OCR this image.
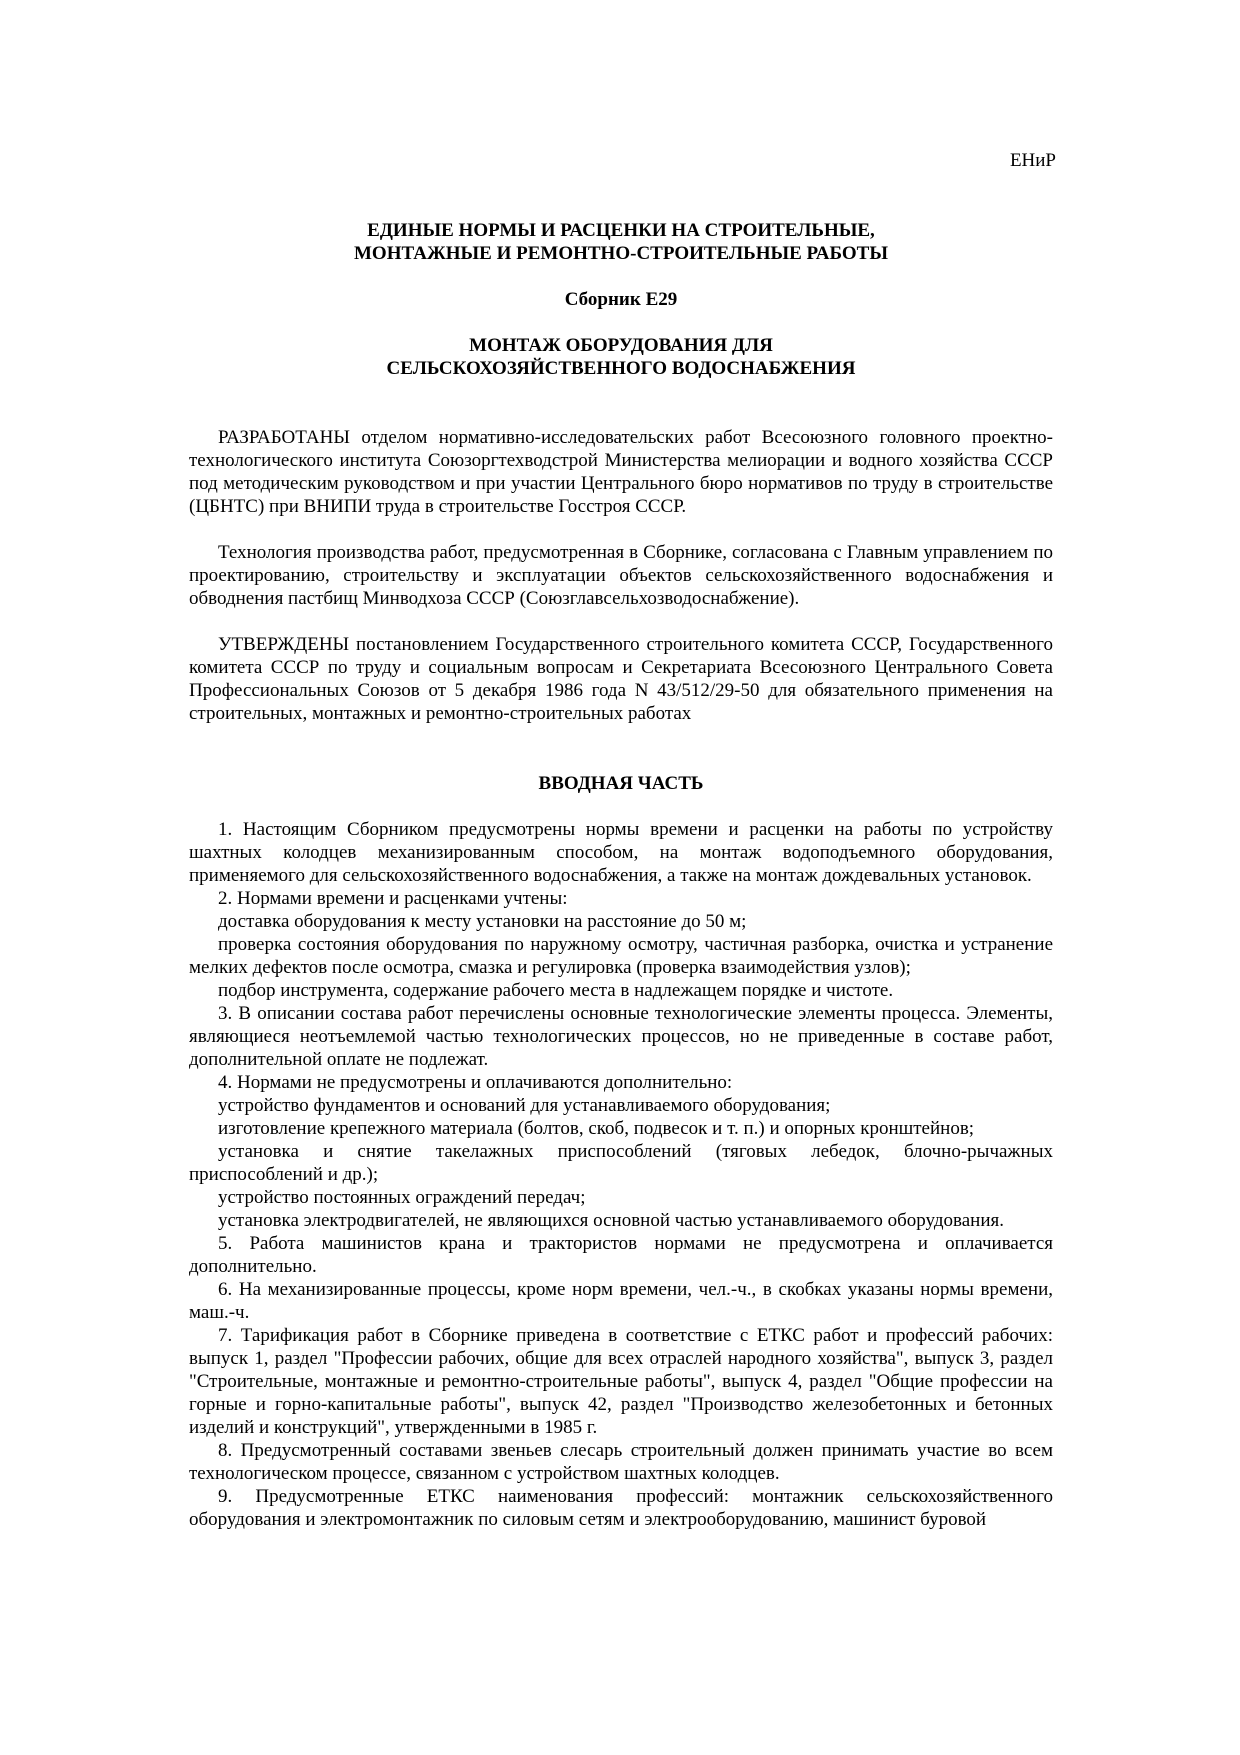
ЕНиР
ЕДИНЫЕ НОРМЫ И РАСЦЕНКИ НА СТРОИТЕЛЬНЫЕ,
МОНТАЖНЫЕ И РЕМОНТНО-СТРОИТЕЛЬНЫЕ РАБОТЫ
Сборник Е29
МОНТАЖ ОБОРУДОВАНИЯ ДЛЯ
СЕЛЬСКОХОЗЯЙСТВЕННОГО ВОДОСНАБЖЕНИЯ

РАЗРАБОТАНЫ отделом нормативно-исследовательских работ Всесоюзного головного проектно-технологического института Союзоргтехводстрой Министерства мелиорации и водного хозяйства СССР под методическим руководством и при участии Центрального бюро нормативов по труду в строительстве (ЦБНТС) при ВНИПИ труда в строительстве Госстроя СССР.

Технология производства работ, предусмотренная в Сборнике, согласована с Главным управлением по проектированию, строительству и эксплуатации объектов сельскохозяйственного водоснабжения и обводнения пастбищ Минводхоза СССР (Союзглавсельхозводоснабжение).

УТВЕРЖДЕНЫ постановлением Государственного строительного комитета СССР, Государственного комитета СССР по труду и социальным вопросам и Секретариата Всесоюзного Центрального Совета Профессиональных Союзов от 5 декабря 1986 года N 43/512/29-50 для обязательного применения на строительных, монтажных и ремонтно-строительных работах

ВВОДНАЯ ЧАСТЬ

1. Настоящим Сборником предусмотрены нормы времени и расценки на работы по устройству шахтных колодцев механизированным способом, на монтаж водоподъемного оборудования, применяемого для сельскохозяйственного водоснабжения, а также на монтаж дождевальных установок.

2. Нормами времени и расценками учтены:

доставка оборудования к месту установки на расстояние до 50 м;

проверка состояния оборудования по наружному осмотру, частичная разборка, очистка и устранение мелких дефектов после осмотра, смазка и регулировка (проверка взаимодействия узлов);

подбор инструмента, содержание рабочего места в надлежащем порядке и чистоте.

3. В описании состава работ перечислены основные технологические элементы процесса. Элементы, являющиеся неотъемлемой частью технологических процессов, но не приведенные в составе работ, дополнительной оплате не подлежат.

4. Нормами не предусмотрены и оплачиваются дополнительно:

устройство фундаментов и оснований для устанавливаемого оборудования;

изготовление крепежного материала (болтов, скоб, подвесок и т. п.) и опорных кронштейнов;

установка и снятие такелажных приспособлений (тяговых лебедок, блочно-рычажных приспособлений и др.);

устройство постоянных ограждений передач;

установка электродвигателей, не являющихся основной частью устанавливаемого оборудования.

5. Работа машинистов крана и трактористов нормами не предусмотрена и оплачивается дополнительно.

6. На механизированные процессы, кроме норм времени, чел.-ч., в скобках указаны нормы времени, маш.-ч.

7. Тарификация работ в Сборнике приведена в соответствие с ЕТКС работ и профессий рабочих: выпуск 1, раздел "Профессии рабочих, общие для всех отраслей народного хозяйства", выпуск 3, раздел "Строительные, монтажные и ремонтно-строительные работы", выпуск 4, раздел "Общие профессии на горные и горно-капитальные работы", выпуск 42, раздел "Производство железобетонных и бетонных изделий и конструкций", утвержденными в 1985 г.

8. Предусмотренный составами звеньев слесарь строительный должен принимать участие во всем технологическом процессе, связанном с устройством шахтных колодцев.

9. Предусмотренные ЕТКС наименования профессий: монтажник сельскохозяйственного оборудования и электромонтажник по силовым сетям и электрооборудованию, машинист буровой
